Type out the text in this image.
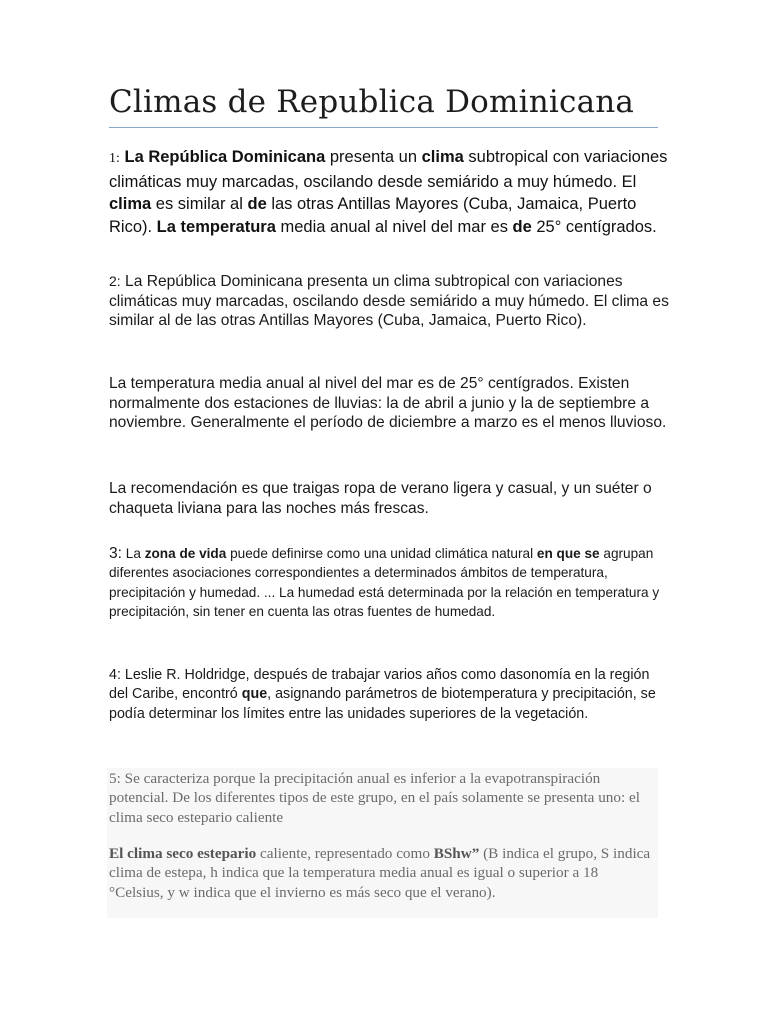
Climas de Republica Dominicana
1: La República Dominicana presenta un clima subtropical con variaciones climáticas muy marcadas, oscilando desde semiárido a muy húmedo. El clima es similar al de las otras Antillas Mayores (Cuba, Jamaica, Puerto Rico). La temperatura media anual al nivel del mar es de 25° centígrados.
2: La República Dominicana presenta un clima subtropical con variaciones climáticas muy marcadas, oscilando desde semiárido a muy húmedo. El clima es similar al de las otras Antillas Mayores (Cuba, Jamaica, Puerto Rico).
La temperatura media anual al nivel del mar es de 25° centígrados. Existen normalmente dos estaciones de lluvias: la de abril a junio y la de septiembre a noviembre. Generalmente el período de diciembre a marzo es el menos lluvioso.
La recomendación es que traigas ropa de verano ligera y casual, y un suéter o chaqueta liviana para las noches más frescas.
3: La zona de vida puede definirse como una unidad climática natural en que se agrupan diferentes asociaciones correspondientes a determinados ámbitos de temperatura, precipitación y humedad. ... La humedad está determinada por la relación en temperatura y precipitación, sin tener en cuenta las otras fuentes de humedad.
4: Leslie R. Holdridge, después de trabajar varios años como dasonomía en la región del Caribe, encontró que, asignando parámetros de biotemperatura y precipitación, se podía determinar los límites entre las unidades superiores de la vegetación.
5: Se caracteriza porque la precipitación anual es inferior a la evapotranspiración potencial. De los diferentes tipos de este grupo, en el país solamente se presenta uno: el clima seco estepario caliente
El clima seco estepario caliente, representado como BShw” (B indica el grupo, S indica clima de estepa, h indica que la temperatura media anual es igual o superior a 18 °Celsius, y w indica que el invierno es más seco que el verano).
